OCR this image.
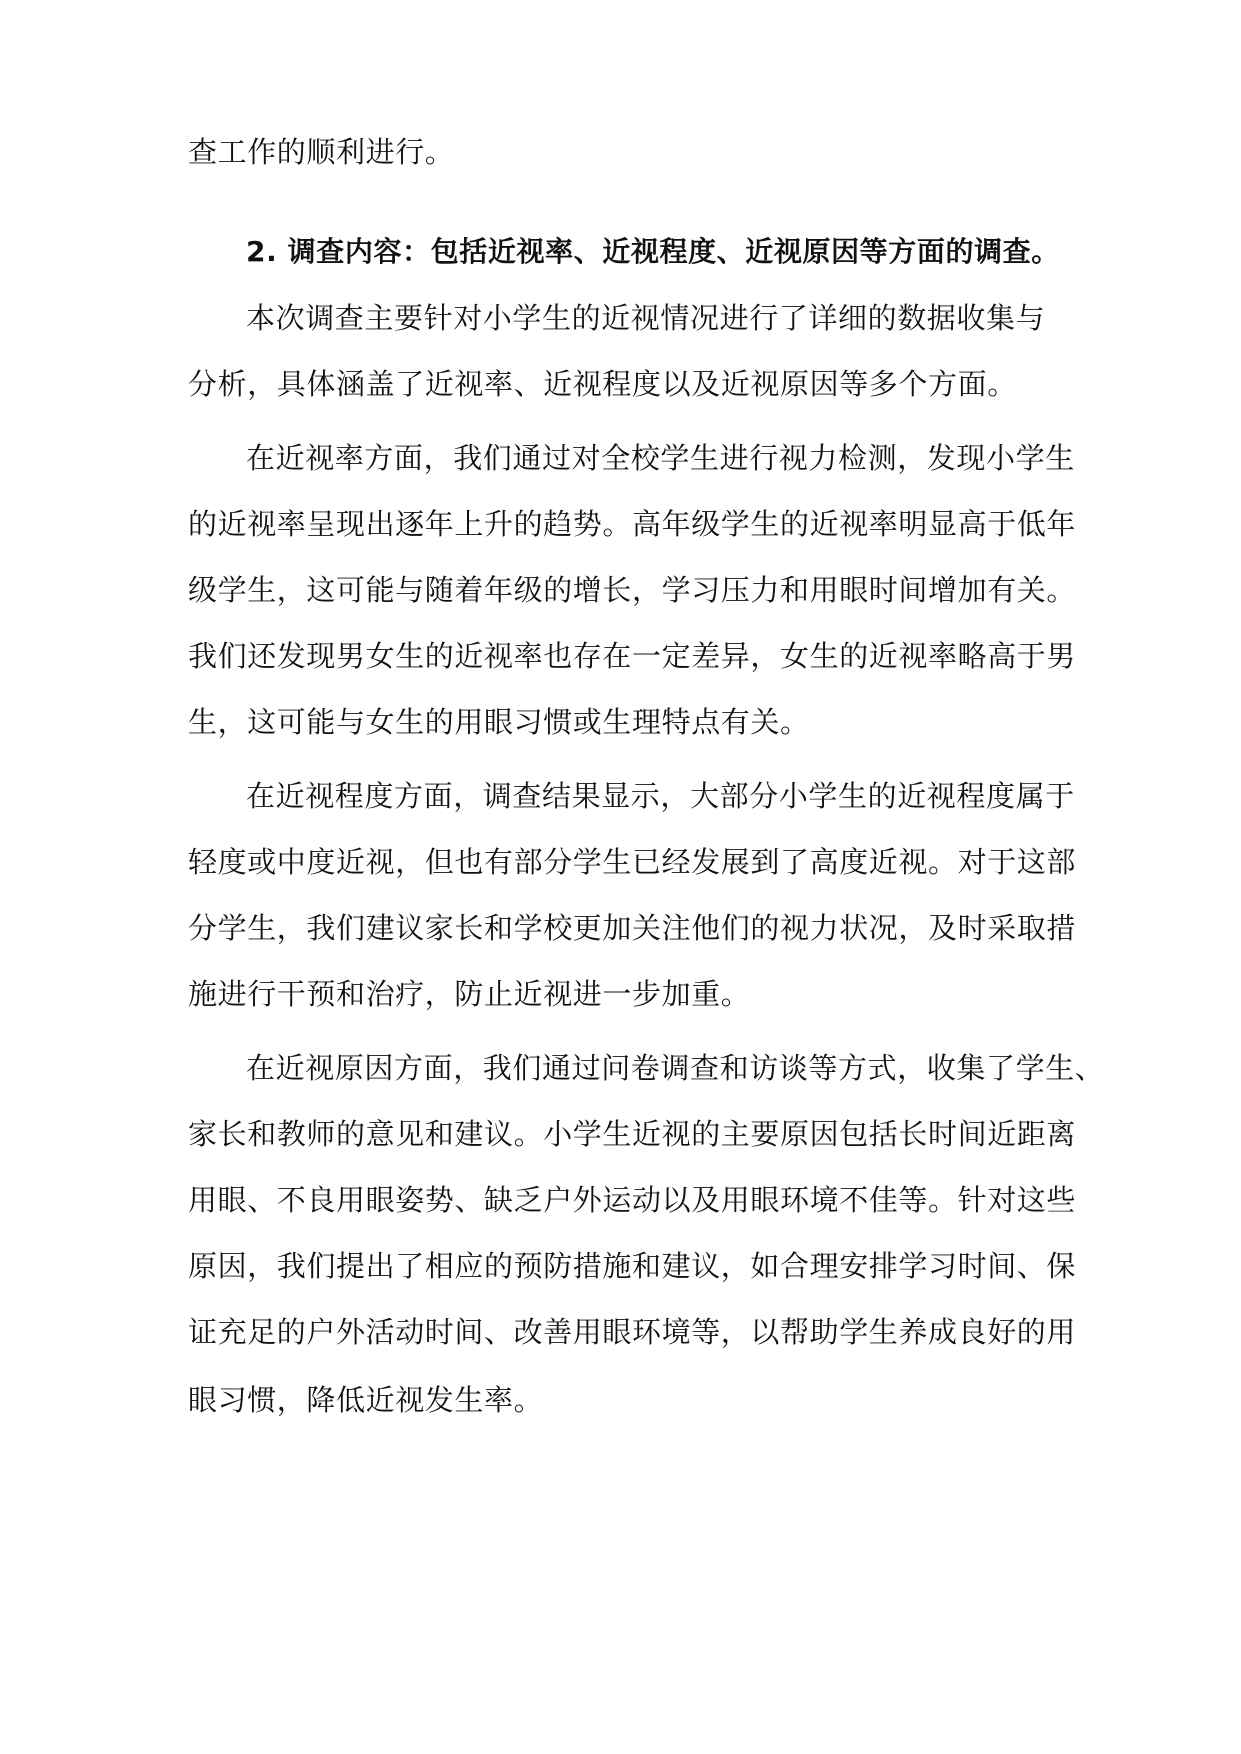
查工作的顺利进行。

2. 调查内容：包括近视率、近视程度、近视原因等方面的调查。

本次调查主要针对小学生的近视情况进行了详细的数据收集与

分析，具体涵盖了近视率、近视程度以及近视原因等多个方面。

在近视率方面，我们通过对全校学生进行视力检测，发现小学生

的近视率呈现出逐年上升的趋势。高年级学生的近视率明显高于低年

级学生，这可能与随着年级的增长，学习压力和用眼时间增加有关。

我们还发现男女生的近视率也存在一定差异，女生的近视率略高于男

生，这可能与女生的用眼习惯或生理特点有关。

在近视程度方面，调查结果显示，大部分小学生的近视程度属于

轻度或中度近视，但也有部分学生已经发展到了高度近视。对于这部

分学生，我们建议家长和学校更加关注他们的视力状况，及时采取措

施进行干预和治疗，防止近视进一步加重。

在近视原因方面，我们通过问卷调查和访谈等方式，收集了学生、

家长和教师的意见和建议。小学生近视的主要原因包括长时间近距离

用眼、不良用眼姿势、缺乏户外运动以及用眼环境不佳等。针对这些

原因，我们提出了相应的预防措施和建议，如合理安排学习时间、保

证充足的户外活动时间、改善用眼环境等，以帮助学生养成良好的用

眼习惯，降低近视发生率。
